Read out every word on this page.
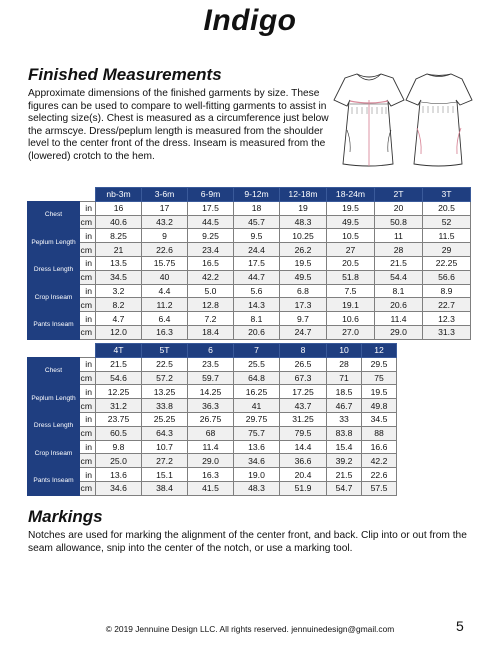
Indigo
Finished Measurements
Approximate dimensions of the finished garments by size. These figures can be used to compare to well-fitting garments to assist in selecting size(s). Chest is measured as a circumference just below the armscye. Dress/peplum length is measured from the shoulder level to the center front of the dress. Inseam is measured from the (lowered) crotch to the hem.
		nb-3m	3-6m	6-9m	9-12m	12-18m	18-24m	2T	3T
Chest	in	16	17	17.5	18	19	19.5	20	20.5
	cm	40.6	43.2	44.5	45.7	48.3	49.5	50.8	52
Peplum Length	in	8.25	9	9.25	9.5	10.25	10.5	11	11.5
	cm	21	22.6	23.4	24.4	26.2	27	28	29
Dress Length	in	13.5	15.75	16.5	17.5	19.5	20.5	21.5	22.25
	cm	34.5	40	42.2	44.7	49.5	51.8	54.4	56.6
Crop Inseam	in	3.2	4.4	5.0	5.6	6.8	7.5	8.1	8.9
	cm	8.2	11.2	12.8	14.3	17.3	19.1	20.6	22.7
Pants Inseam	in	4.7	6.4	7.2	8.1	9.7	10.6	11.4	12.3
	cm	12.0	16.3	18.4	20.6	24.7	27.0	29.0	31.3
		4T	5T	6	7	8	10	12
Chest	in	21.5	22.5	23.5	25.5	26.5	28	29.5
	cm	54.6	57.2	59.7	64.8	67.3	71	75
Peplum Length	in	12.25	13.25	14.25	16.25	17.25	18.5	19.5
	cm	31.2	33.8	36.3	41	43.7	46.7	49.8
Dress Length	in	23.75	25.25	26.75	29.75	31.25	33	34.5
	cm	60.5	64.3	68	75.7	79.5	83.8	88
Crop Inseam	in	9.8	10.7	11.4	13.6	14.4	15.4	16.6
	cm	25.0	27.2	29.0	34.6	36.6	39.2	42.2
Pants Inseam	in	13.6	15.1	16.3	19.0	20.4	21.5	22.6
	cm	34.6	38.4	41.5	48.3	51.9	54.7	57.5
Markings
Notches are used for marking the alignment of the center front, and back. Clip into or out from the seam allowance, snip into the center of the notch, or use a marking tool.
© 2019 Jennuine Design LLC. All rights reserved. jennuinedesign@gmail.com	5
